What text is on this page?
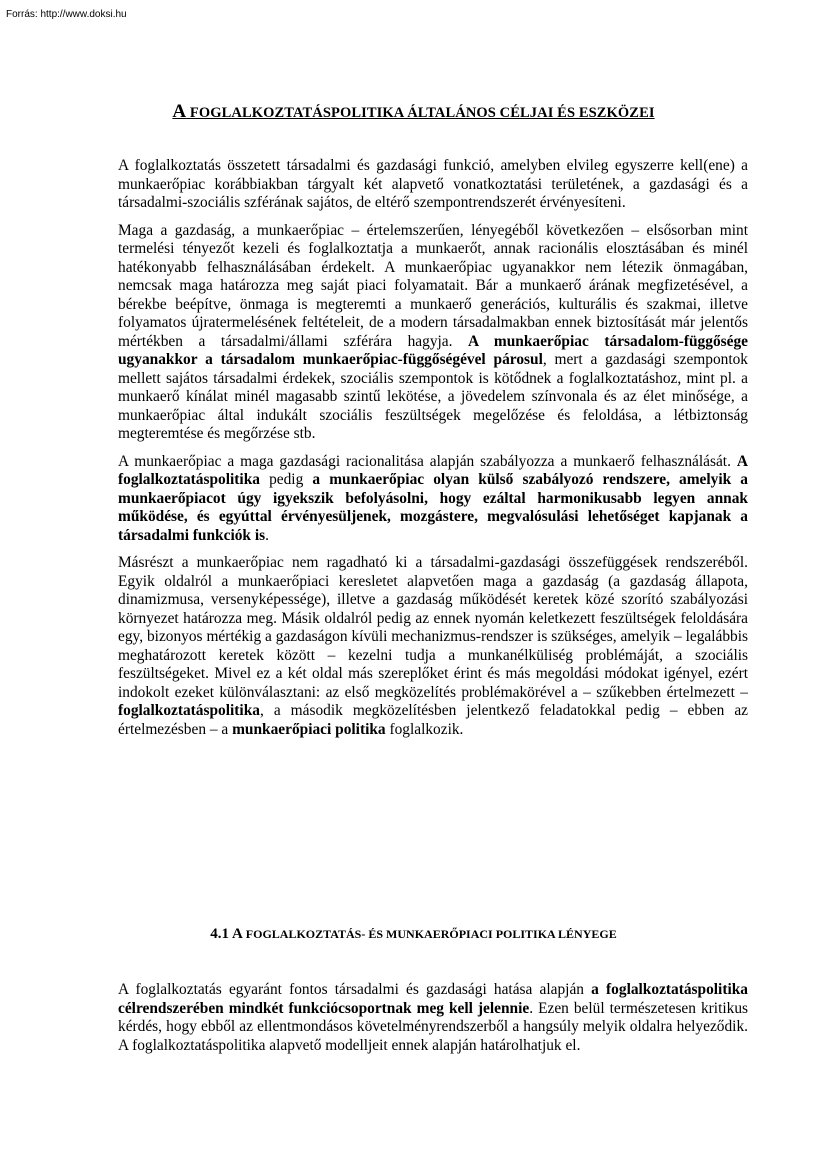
Forrás: http://www.doksi.hu
A FOGLALKOZTATÁSPOLITIKA ÁLTALÁNOS CÉLJAI ÉS ESZKÖZEI

A foglalkoztatás összetett társadalmi és gazdasági funkció, amelyben elvileg egyszerre kell(ene) a munkaerőpiac korábbiakban tárgyalt két alapvető vonatkoztatási területének, a gazdasági és a társadalmi-szociális szférának sajátos, de eltérő szempontrendszerét érvényesíteni.

Maga a gazdaság, a munkaerőpiac – értelemszerűen, lényegéből következően – elsősorban mint termelési tényezőt kezeli és foglalkoztatja a munkaerőt, annak racionális elosztásában és minél hatékonyabb felhasználásában érdekelt. A munkaerőpiac ugyanakkor nem létezik önmagában, nemcsak maga határozza meg saját piaci folyamatait. Bár a munkaerő árának megfizetésével, a bérekbe beépítve, önmaga is megteremti a munkaerő generációs, kulturális és szakmai, illetve folyamatos újratermelésének feltételeit, de a modern társadalmakban ennek biztosítását már jelentős mértékben a társadalmi/állami szférára hagyja. A munkaerőpiac társadalom-függősége ugyanakkor a társadalom munkaerőpiac-függőségével párosul, mert a gazdasági szempontok mellett sajátos társadalmi érdekek, szociális szempontok is kötődnek a foglalkoztatáshoz, mint pl. a munkaerő kínálat minél magasabb szintű lekötése, a jövedelem színvonala és az élet minősége, a munkaerőpiac által indukált szociális feszültségek megelőzése és feloldása, a létbiztonság megteremtése és megőrzése stb.

A munkaerőpiac a maga gazdasági racionalitása alapján szabályozza a munkaerő felhasználását. A foglalkoztatáspolitika pedig a munkaerőpiac olyan külső szabályozó rendszere, amelyik a munkaerőpiacot úgy igyekszik befolyásolni, hogy ezáltal harmonikusabb legyen annak működése, és egyúttal érvényesüljenek, mozgástere, megvalósulási lehetőséget kapjanak a társadalmi funkciók is.

Másrészt a munkaerőpiac nem ragadható ki a társadalmi-gazdasági összefüggések rendszeréből. Egyik oldalról a munkaerőpiaci keresletet alapvetően maga a gazdaság (a gazdaság állapota, dinamizmusa, versenyképessége), illetve a gazdaság működését keretek közé szorító szabályozási környezet határozza meg. Másik oldalról pedig az ennek nyomán keletkezett feszültségek feloldására egy, bizonyos mértékig a gazdaságon kívüli mechanizmus-rendszer is szükséges, amelyik – legalábbis meghatározott keretek között – kezelni tudja a munkanélküliség problémáját, a szociális feszültségeket. Mivel ez a két oldal más szereplőket érint és más megoldási módokat igényel, ezért indokolt ezeket különválasztani: az első megközelítés problémakörével a – szűkebben értelmezett – foglalkoztatáspolitika, a második megközelítésben jelentkező feladatokkal pedig – ebben az értelmezésben – a munkaerőpiaci politika foglalkozik.

4.1 A FOGLALKOZTATÁS- ÉS MUNKAERŐPIACI POLITIKA LÉNYEGE

A foglalkoztatás egyaránt fontos társadalmi és gazdasági hatása alapján a foglalkoztatáspolitika célrendszerében mindkét funkciócsoportnak meg kell jelennie. Ezen belül természetesen kritikus kérdés, hogy ebből az ellentmondásos követelményrendszerből a hangsúly melyik oldalra helyeződik. A foglalkoztatáspolitika alapvető modelljeit ennek alapján határolhatjuk el.
